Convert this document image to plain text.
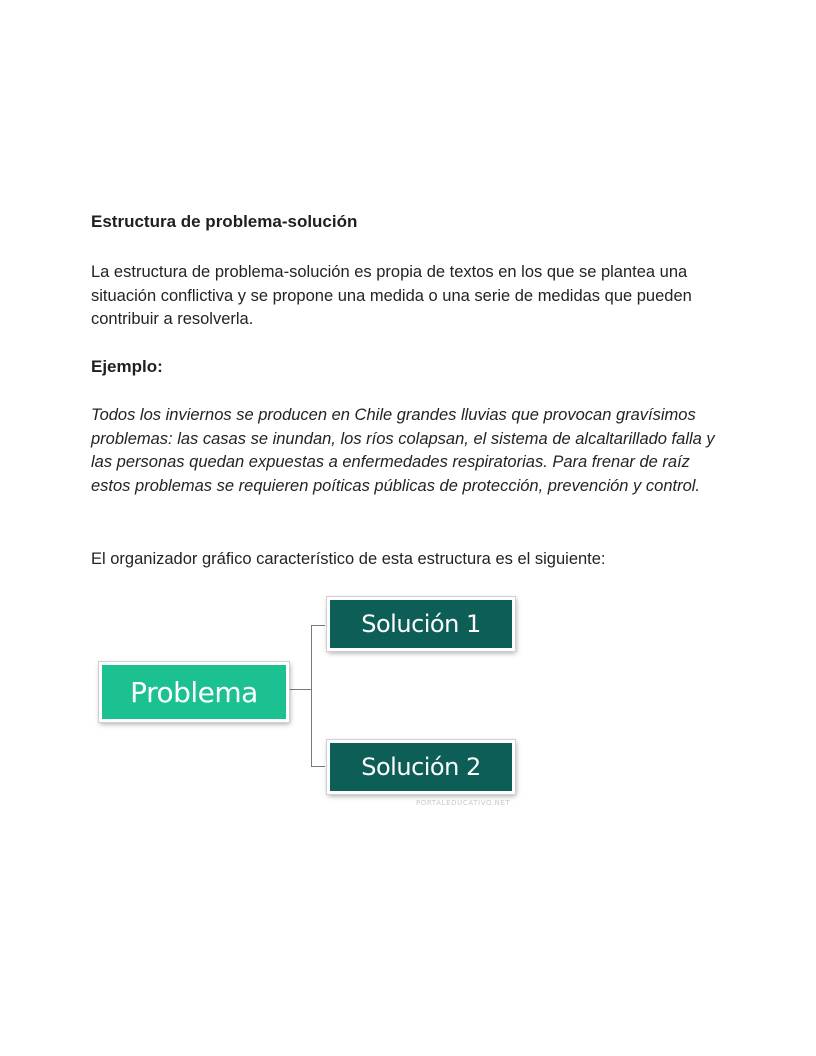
Estructura de problema-solución

La estructura de problema-solución es propia de textos en los que se plantea una situación conflictiva y se propone una medida o una serie de medidas que pueden contribuir a resolverla.

Ejemplo:

Todos los inviernos se producen en Chile grandes lluvias que provocan gravísimos problemas: las casas se inundan, los ríos colapsan, el sistema de alcaltarillado falla y las personas quedan expuestas a enfermedades respiratorias. Para frenar de raíz estos problemas se requieren poíticas públicas de protección, prevención y control.

El organizador gráfico característico de esta estructura es el siguiente:

Problema
Solución 1
Solución 2
PORTALEDUCATIVO.NET
